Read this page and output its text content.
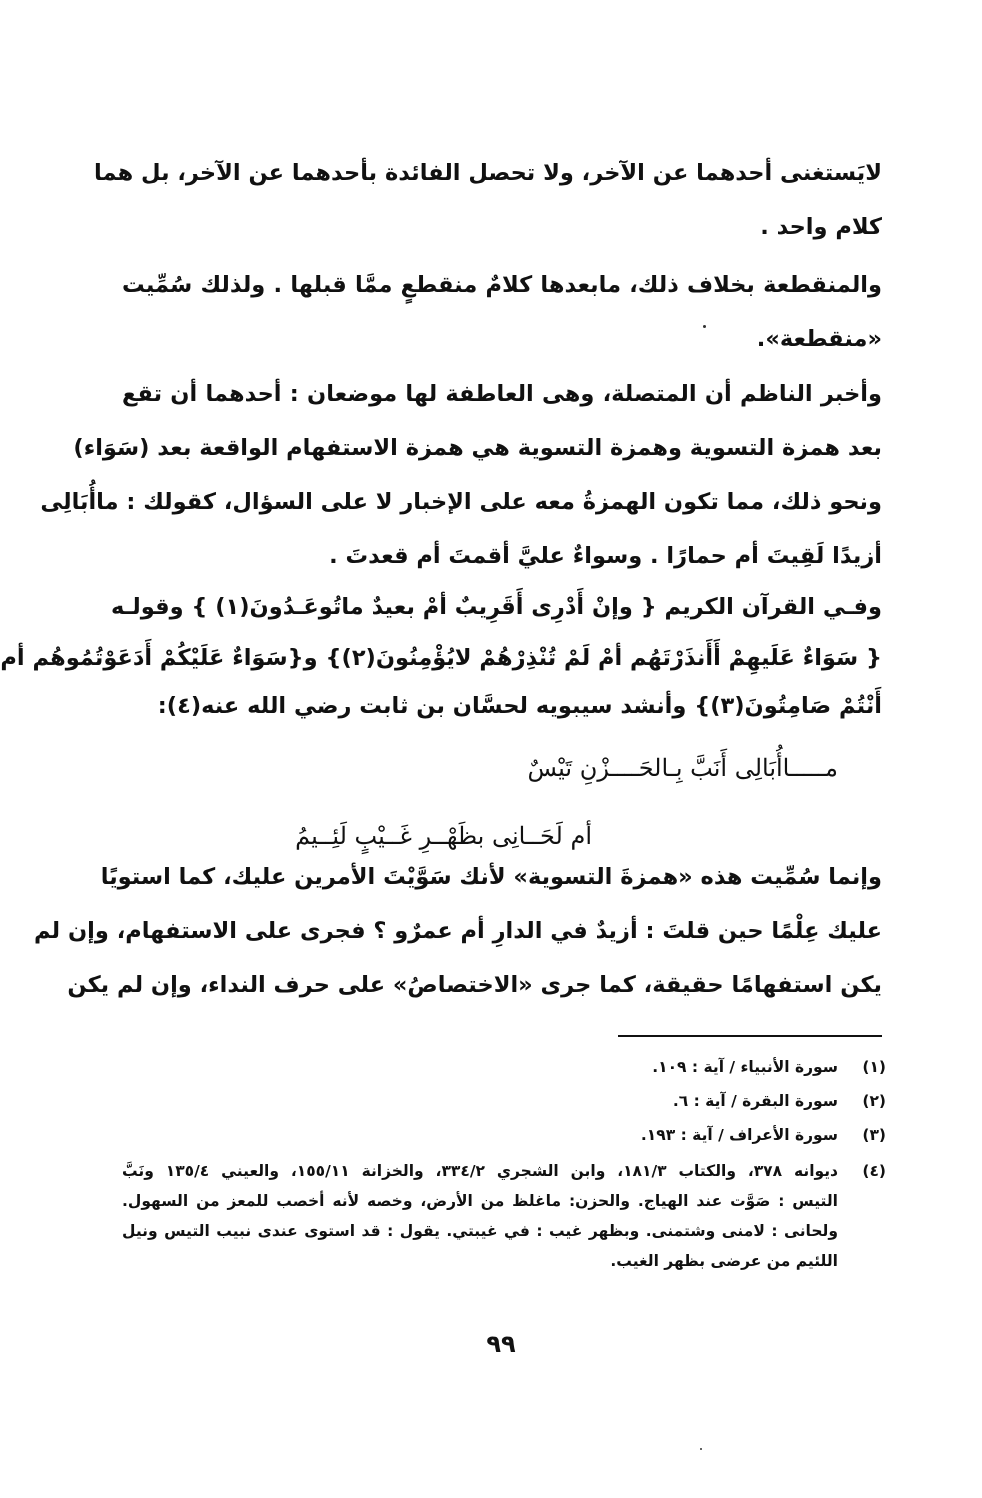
لايَستغنى أحدهما عن الآخر، ولا تحصل الفائدة بأحدهما عن الآخر، بل هما
كلام واحد .
والمنقطعة بخلاف ذلك، مابعدها كلامٌ منقطعٍ ممَّا قبلها . ولذلك سُمِّيت
«منقطعة».
وأخبر الناظم أن المتصلة، وهى العاطفة لها موضعان : أحدهما أن تقع
بعد همزة التسوية وهمزة التسوية هي همزة الاستفهام الواقعة بعد (سَوَاء)
ونحو ذلك، مما تكون الهمزةُ معه على الإخبار لا على السؤال، كقولك : ماأُبَالِى
أزيدًا لَقِيتَ أم حمارًا . وسواءٌ عليَّ أقمتَ أم قعدتَ .
وفـي القرآن الكريم { وإنْ أَدْرِى أَقَرِيبٌ أمْ بعيدٌ ماتُوعَـدُونَ(١) } وقولـه
{ سَوَاءٌ عَلَيهِمْ أَأَنذَرْتَهُم أمْ لَمْ تُنْذِرْهُمْ لايُؤْمِنُونَ(٢)} و{سَوَاءٌ عَلَيْكُمْ أَدَعَوْتُمُوهُم أم
أَنْتُمْ صَامِتُونَ(٣)} وأنشد سيبويه لحسَّان بن ثابت رضي الله عنه(٤):
مـــــاأُبَالِى أَنَبَّ بِـالحَــــزْنِ تَيْسٌ
أم لَحَــانِى بظَهْــرِ غَــيْبٍ لَئِــيمُ
وإنما سُمِّيت هذه «همزةَ التسوية» لأنك سَوَّيْتَ الأمرين عليك، كما استويًا
عليك عِلْمًا حين قلتَ : أزيدٌ في الدارِ أم عمرٌو ؟ فجرى على الاستفهام، وإن لم
يكن استفهامًا حقيقة، كما جرى «الاختصاصُ» على حرف النداء، وإن لم يكن
(١)
سورة الأنبياء / آية : ١٠٩.
(٢)
سورة البقرة / آية : ٦.
(٣)
سورة الأعراف / آية : ١٩٣.
(٤)
ديوانه ٣٧٨، والكتاب ١٨١/٣، وابن الشجري ٣٣٤/٢، والخزانة ١٥٥/١١، والعيني ١٣٥/٤ ونَبَّ
التيس : صَوَّت عند الهياج. والحزن: ماغلظ من الأرض، وخصه لأنه أخصب للمعز من السهول.
ولحانى : لامنى وشتمنى. وبظهر غيب : في غيبتي. يقول : قد استوى عندى نبيب التيس ونيل
اللئيم من عرضى بظهر الغيب.
٩٩
